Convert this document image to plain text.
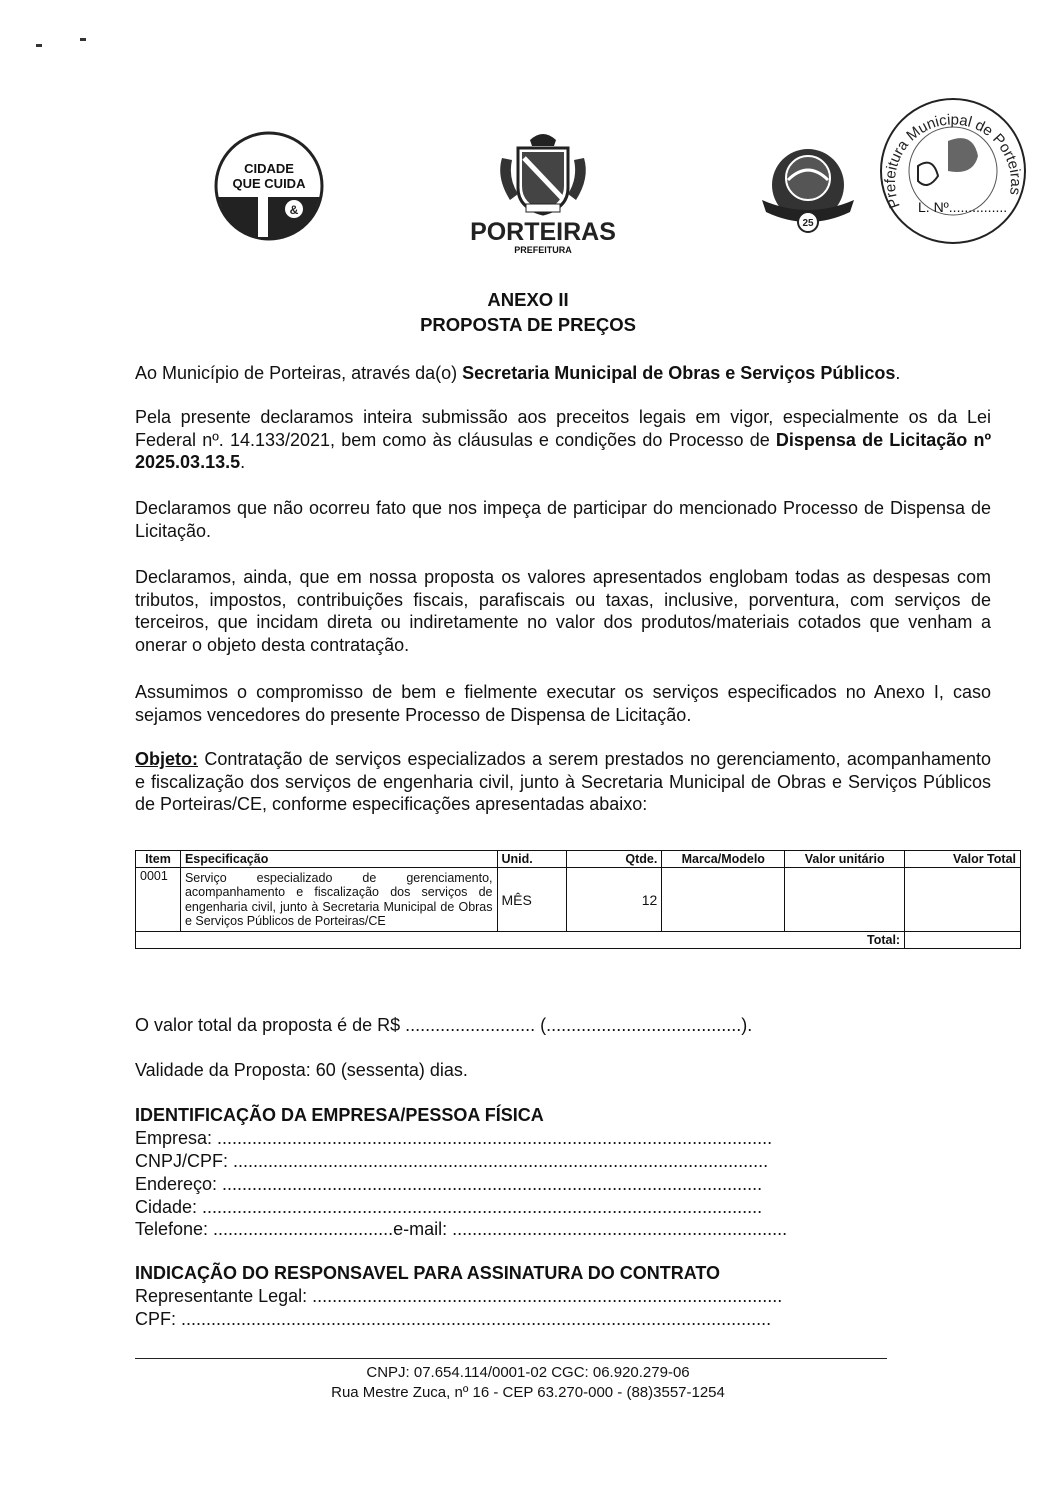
&
CIDADE
QUE CUIDA
PORTEIRAS
PREFEITURA
25
Prefeitura Municipal de Porteiras
L. Nº...............
ANEXO II
PROPOSTA DE PREÇOS
Ao Município de Porteiras, através da(o) Secretaria Municipal de Obras e Serviços Públicos.
Pela presente declaramos inteira submissão aos preceitos legais em vigor, especialmente os da Lei Federal nº. 14.133/2021, bem como às cláusulas e condições do Processo de Dispensa de Licitação nº 2025.03.13.5.
Declaramos que não ocorreu fato que nos impeça de participar do mencionado Processo de Dispensa de Licitação.
Declaramos, ainda, que em nossa proposta os valores apresentados englobam todas as despesas com tributos, impostos, contribuições fiscais, parafiscais ou taxas, inclusive, porventura, com serviços de terceiros, que incidam direta ou indiretamente no valor dos produtos/materiais cotados que venham a onerar o objeto desta contratação.
Assumimos o compromisso de bem e fielmente executar os serviços especificados no Anexo I, caso sejamos vencedores do presente Processo de Dispensa de Licitação.
Objeto: Contratação de serviços especializados a serem prestados no gerenciamento, acompanhamento e fiscalização dos serviços de engenharia civil, junto à Secretaria Municipal de Obras e Serviços Públicos de Porteiras/CE, conforme especificações apresentadas abaixo:
Item	Especificação	Unid.	Qtde.	Marca/Modelo	Valor unitário	Valor Total
0001	Serviço especializado de gerenciamento, acompanhamento e fiscalização dos serviços de engenharia civil, junto à Secretaria Municipal de Obras e Serviços Públicos de Porteiras/CE	MÊS	12			
Total:						
O valor total da proposta é de R$ .......................... (.......................................).
Validade da Proposta: 60 (sessenta) dias.
IDENTIFICAÇÃO DA EMPRESA/PESSOA FÍSICA
Empresa: ...............................................................................................................
CNPJ/CPF: ...........................................................................................................
Endereço: ............................................................................................................
Cidade: ................................................................................................................
Telefone: ....................................e-mail: ...................................................................
INDICAÇÃO DO RESPONSAVEL PARA ASSINATURA DO CONTRATO
Representante Legal: ..............................................................................................
CPF: ......................................................................................................................
CNPJ: 07.654.114/0001-02 CGC: 06.920.279-06
Rua Mestre Zuca, nº 16 - CEP 63.270-000 - (88)3557-1254
